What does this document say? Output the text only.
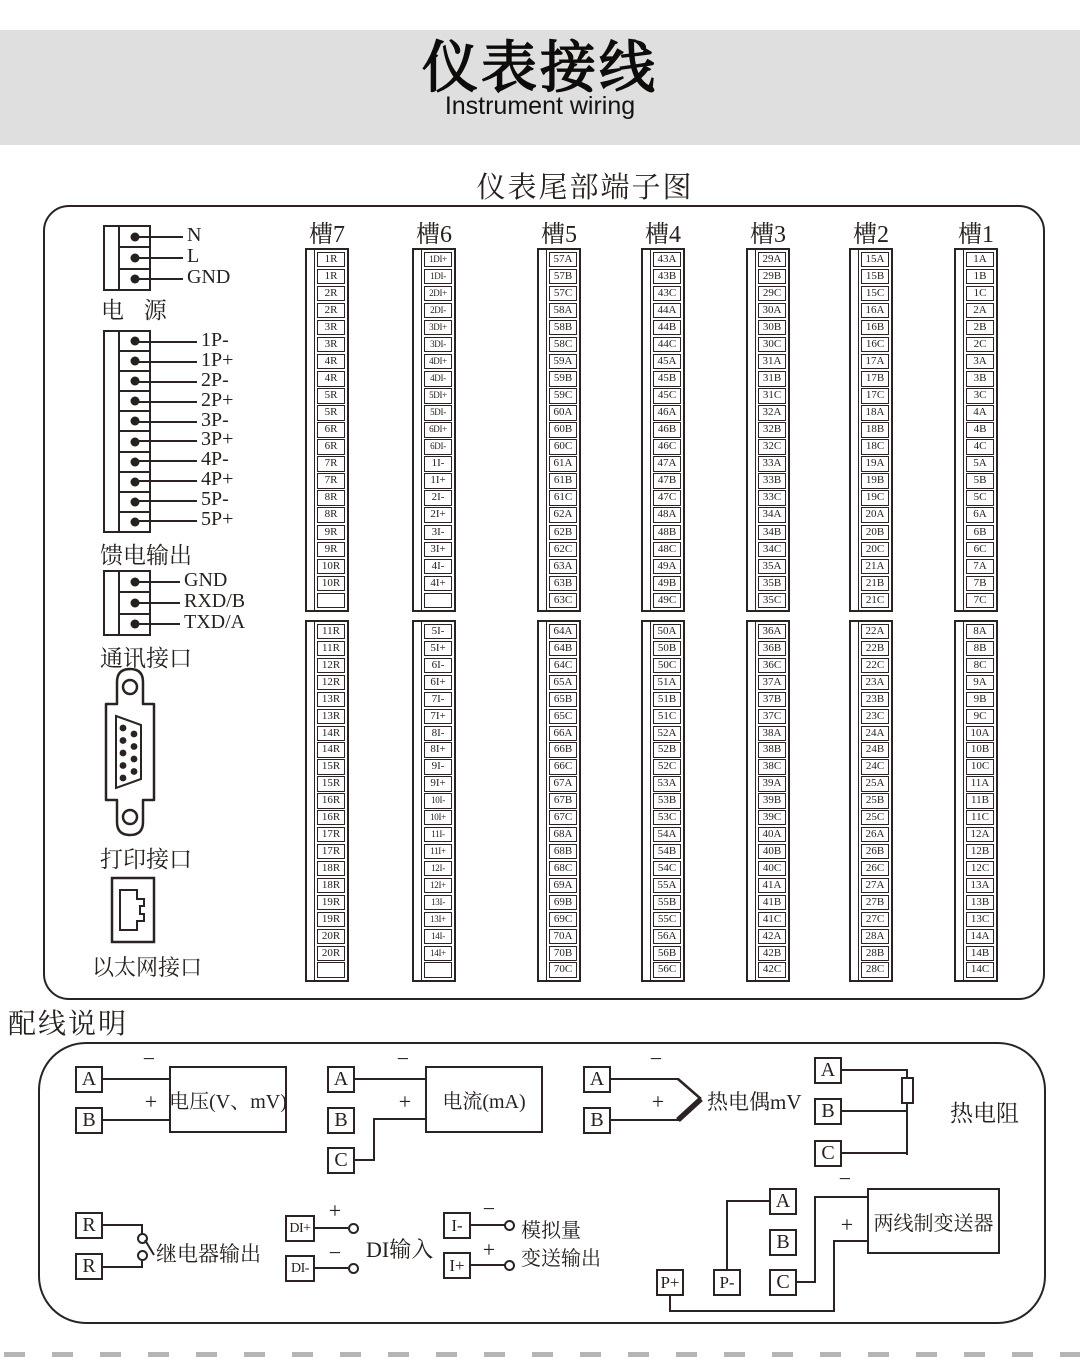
仪表接线
Instrument wiring
仪表尾部端子图
电 源
馈电输出
通讯接口
打印接口
以太网接口
配线说明
A
B
−
+ 电压(V、mV)
A
B
C
−
+	电流(mA)
A
B
−
+	热电偶mV
A
B
C
热电阻
R
R	继电器输出
DI+
+
DI-
−	DI输入
I-
−
I+
+
模拟量
变送输出
A
B
C
P+	P-
两线制变送器
−
+
槽7
1R
1R
2R
2R
3R
3R
4R
4R
5R
5R
6R
6R
7R
7R
8R
8R
9R
9R
10R
10R
11R
11R
12R
12R
13R
13R
14R
14R
15R
15R
16R
16R
17R
17R
18R
18R
19R
19R
20R
20R
槽6
1DI+
1DI-
2DI+
2DI-
3DI+
3DI-
4DI+
4DI-
5DI+
5DI-
6DI+
6DI-
1I-
1I+
2I-
2I+
3I-
3I+
4I-
4I+
5I-
5I+
6I-
6I+
7I-
7I+
8I-
8I+
9I-
9I+
10I-
10I+
11I-
11I+
12I-
12I+
13I-
13I+
14I-
14I+
槽5
57A
57B
57C
58A
58B
58C
59A
59B
59C
60A
60B
60C
61A
61B
61C
62A
62B
62C
63A
63B
63C
64A
64B
64C
65A
65B
65C
66A
66B
66C
67A
67B
67C
68A
68B
68C
69A
69B
69C
70A
70B
70C
槽4
43A
43B
43C
44A
44B
44C
45A
45B
45C
46A
46B
46C
47A
47B
47C
48A
48B
48C
49A
49B
49C
50A
50B
50C
51A
51B
51C
52A
52B
52C
53A
53B
53C
54A
54B
54C
55A
55B
55C
56A
56B
56C
槽3
29A
29B
29C
30A
30B
30C
31A
31B
31C
32A
32B
32C
33A
33B
33C
34A
34B
34C
35A
35B
35C
36A
36B
36C
37A
37B
37C
38A
38B
38C
39A
39B
39C
40A
40B
40C
41A
41B
41C
42A
42B
42C
槽2
15A
15B
15C
16A
16B
16C
17A
17B
17C
18A
18B
18C
19A
19B
19C
20A
20B
20C
21A
21B
21C
22A
22B
22C
23A
23B
23C
24A
24B
24C
25A
25B
25C
26A
26B
26C
27A
27B
27C
28A
28B
28C
槽1
1A
1B
1C
2A
2B
2C
3A
3B
3C
4A
4B
4C
5A
5B
5C
6A
6B
6C
7A
7B
7C
8A
8B
8C
9A
9B
9C
10A
10B
10C
11A
11B
11C
12A
12B
12C
13A
13B
13C
14A
14B
14C
N
L
GND
1P-
1P+
2P-
2P+
3P-
3P+
4P-
4P+
5P-
5P+
GND
RXD/B
TXD/A
